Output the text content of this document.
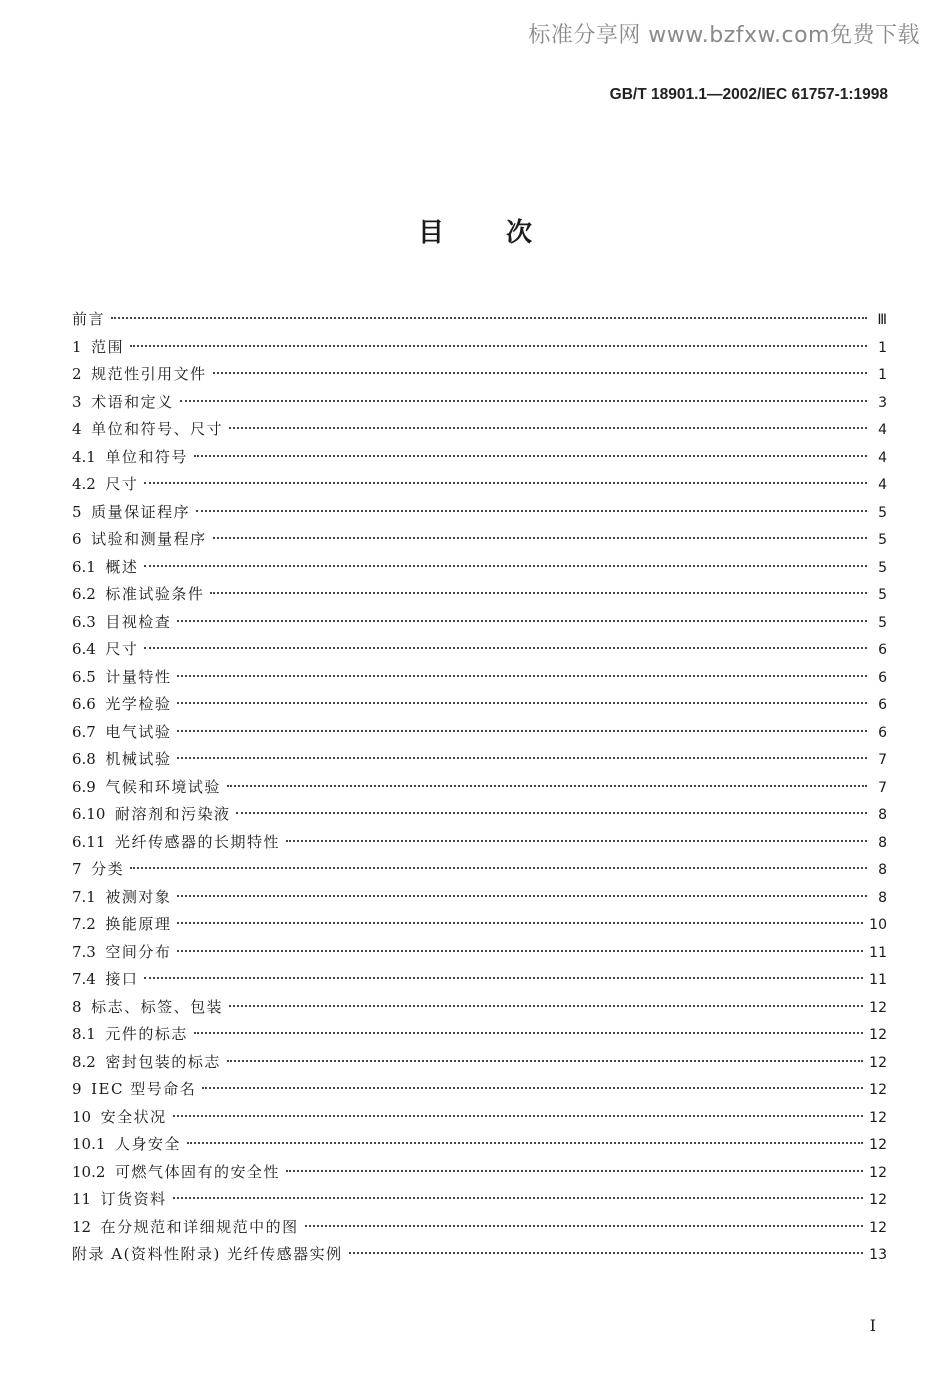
标准分享网 www.bzfxw.com免费下载
GB/T 18901.1—2002/IEC 61757-1:1998
目次
前言	Ⅲ
1 范围	1
2 规范性引用文件	1
3 术语和定义	3
4 单位和符号、尺寸	4
4.1 单位和符号	4
4.2 尺寸	4
5 质量保证程序	5
6 试验和测量程序	5
6.1 概述	5
6.2 标准试验条件	5
6.3 目视检查	5
6.4 尺寸	6
6.5 计量特性	6
6.6 光学检验	6
6.7 电气试验	6
6.8 机械试验	7
6.9 气候和环境试验	7
6.10 耐溶剂和污染液	8
6.11 光纤传感器的长期特性	8
7 分类	8
7.1 被测对象	8
7.2 换能原理	10
7.3 空间分布	11
7.4 接口	11
8 标志、标签、包装	12
8.1 元件的标志	12
8.2 密封包装的标志	12
9 IEC 型号命名	12
10 安全状况	12
10.1 人身安全	12
10.2 可燃气体固有的安全性	12
11 订货资料	12
12 在分规范和详细规范中的图	12
附录 A(资料性附录) 光纤传感器实例	13
I
